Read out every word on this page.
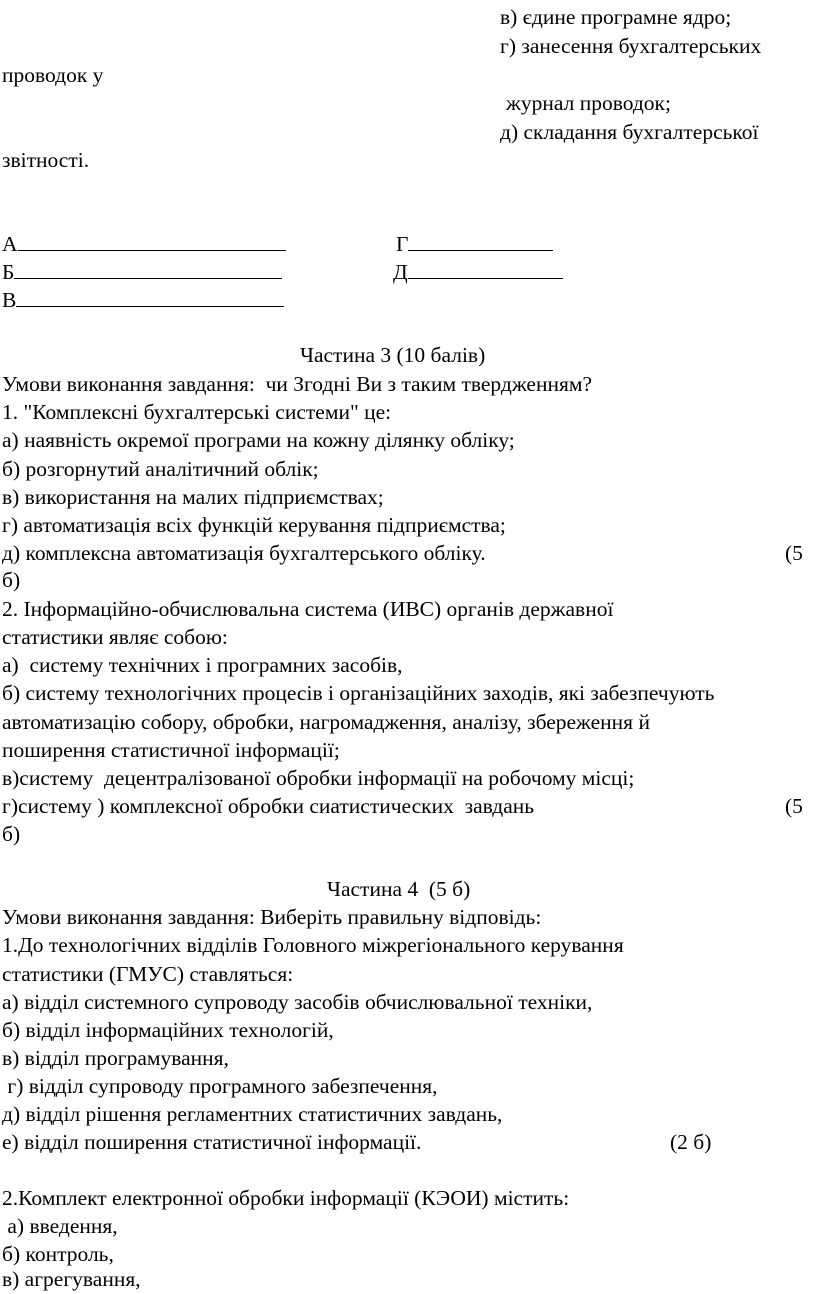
в) єдине програмне ядро;
г) занесення бухгалтерських
проводок у
журнал проводок;
д) складання бухгалтерської
звітності.
А	Г
Б	Д
В
Частина 3 (10 балів)
Умови виконання завдання:  чи Згодні Ви з таким твердженням?
1. "Комплексні бухгалтерські системи" це:
а) наявність окремої програми на кожну ділянку обліку;
б) розгорнутий аналітичний облік;
в) використання на малих підприємствах;
г) автоматизація всіх функцій керування підприємства;
д) комплексна автоматизація бухгалтерського обліку.	(5
б)
2. Інформаційно-обчислювальна система (ИВС) органів державної
статистики являє собою:
а)  систему технічних і програмних засобів,
б) систему технологічних процесів і організаційних заходів, які забезпечують
автоматизацію собору, обробки, нагромадження, аналізу, збереження й
поширення статистичної інформації;
в)систему  децентралізованої обробки інформації на робочому місці;
г)систему ) комплексної обробки сиатистических  завдань	(5
б)
Частина 4  (5 б)
Умови виконання завдання: Виберіть правильну відповідь:
1.До технологічних відділів Головного міжрегіонального керування
статистики (ГМУС) ставляться:
а) відділ системного супроводу засобів обчислювальної техніки,
б) відділ інформаційних технологій,
в) відділ програмування,
г) відділ супроводу програмного забезпечення,
д) відділ рішення регламентних статистичних завдань,
е) відділ поширення статистичної інформації.	(2 б)
2.Комплект електронної обробки інформації (КЭОИ) містить:
а) введення,
б) контроль,
в) агрегування,
